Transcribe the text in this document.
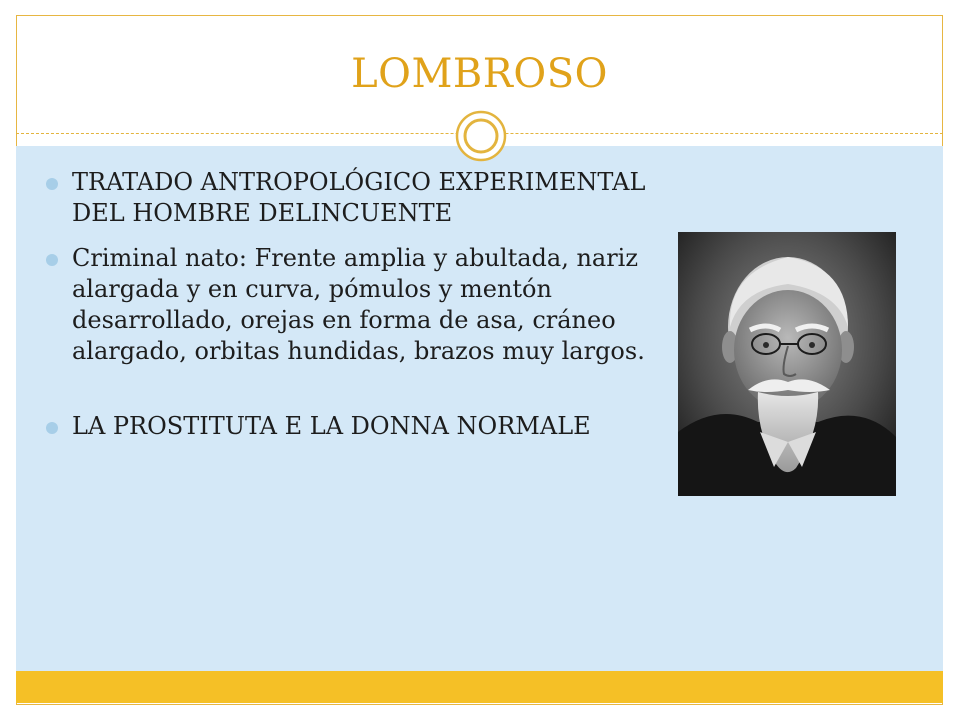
LOMBROSO
TRATADO ANTROPOLÓGICO EXPERIMENTAL DEL HOMBRE DELINCUENTE
Criminal nato: Frente amplia y abultada, nariz alargada y en curva, pómulos y mentón desarrollado, orejas en forma de asa, cráneo alargado, orbitas hundidas, brazos muy largos.
LA PROSTITUTA E LA DONNA NORMALE
